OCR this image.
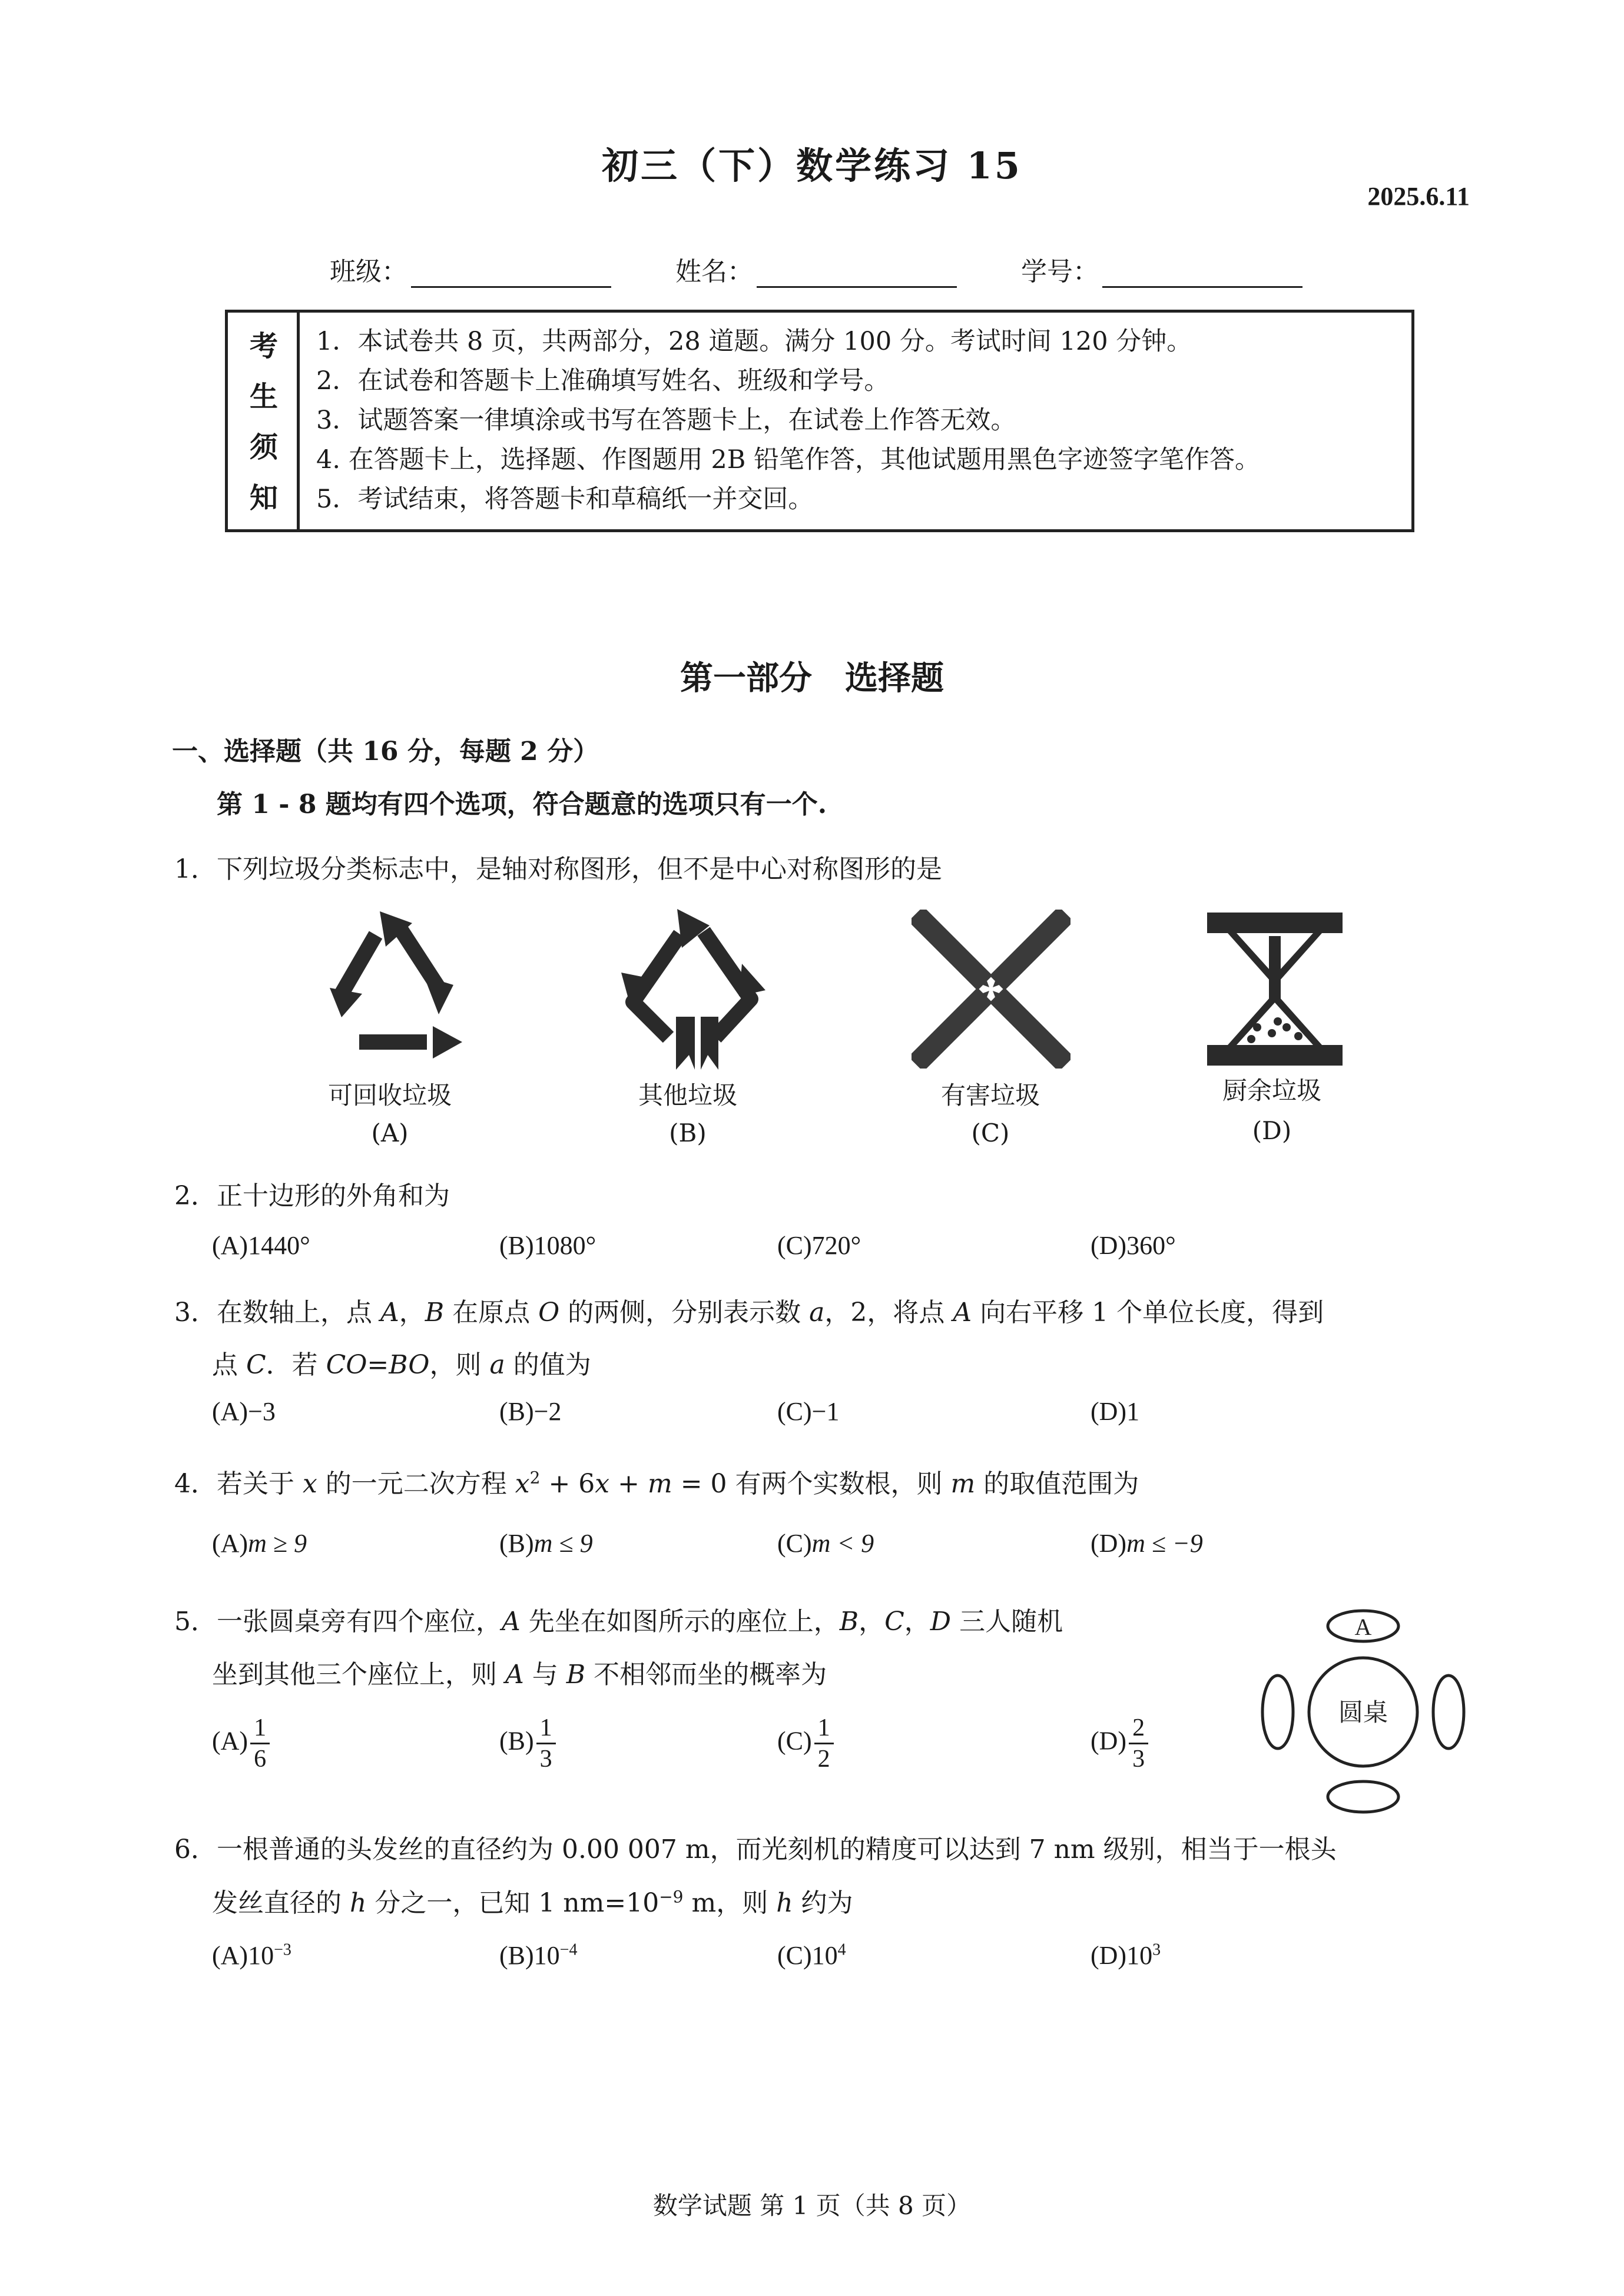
初三（下）数学练习 15
2025.6.11
班级：	姓名：	学号：
考
生
须
知
1．本试卷共 8 页，共两部分，28 道题。满分 100 分。考试时间 120 分钟。
2．在试卷和答题卡上准确填写姓名、班级和学号。
3．试题答案一律填涂或书写在答题卡上，在试卷上作答无效。
4. 在答题卡上，选择题、作图题用 2B 铅笔作答，其他试题用黑色字迹签字笔作答。
5．考试结束，将答题卡和草稿纸一并交回。
第一部分　选择题
一、选择题（共 16 分，每题 2 分）
第 1 - 8 题均有四个选项，符合题意的选项只有一个.
1．下列垃圾分类标志中，是轴对称图形，但不是中心对称图形的是
可回收垃圾	其他垃圾	有害垃圾	厨余垃圾
(A)	(B)	(C)	(D)
2．正十边形的外角和为
(A)1440°	(B)1080°	(C)720°	(D)360°
3．在数轴上，点 A，B 在原点 O 的两侧，分别表示数 a，2，将点 A 向右平移 1 个单位长度，得到
点 C．若 CO=BO，则 a 的值为
(A)−3	(B)−2	(C)−1	(D)1
4．若关于 x 的一元二次方程 $x^2 + 6x + m = 0$ 有两个实数根，则 m 的取值范围为
(A)m ≥ 9	(B)m ≤ 9	(C)m < 9	(D)m ≤ −9
5．一张圆桌旁有四个座位，A 先坐在如图所示的座位上，B，C，D 三人随机
坐到其他三个座位上，则 A 与 B 不相邻而坐的概率为
$(A) \frac{1}{6}$	$(B) \frac{1}{3}$	$(C) \frac{1}{2}$	$(D) \frac{2}{3}$
A
圆桌
6．一根普通的头发丝的直径约为 0.00 007 m，而光刻机的精度可以达到 7 nm 级别，相当于一根头
发丝直径的 h 分之一，已知 1 $nm=10^{-9}$ m，则 h 约为
$(A)10^{-3}$	$(B)10^{-4}$	$(C)10^4$	$(D)10^3$
数学试题 第 1 页（共 8 页）
